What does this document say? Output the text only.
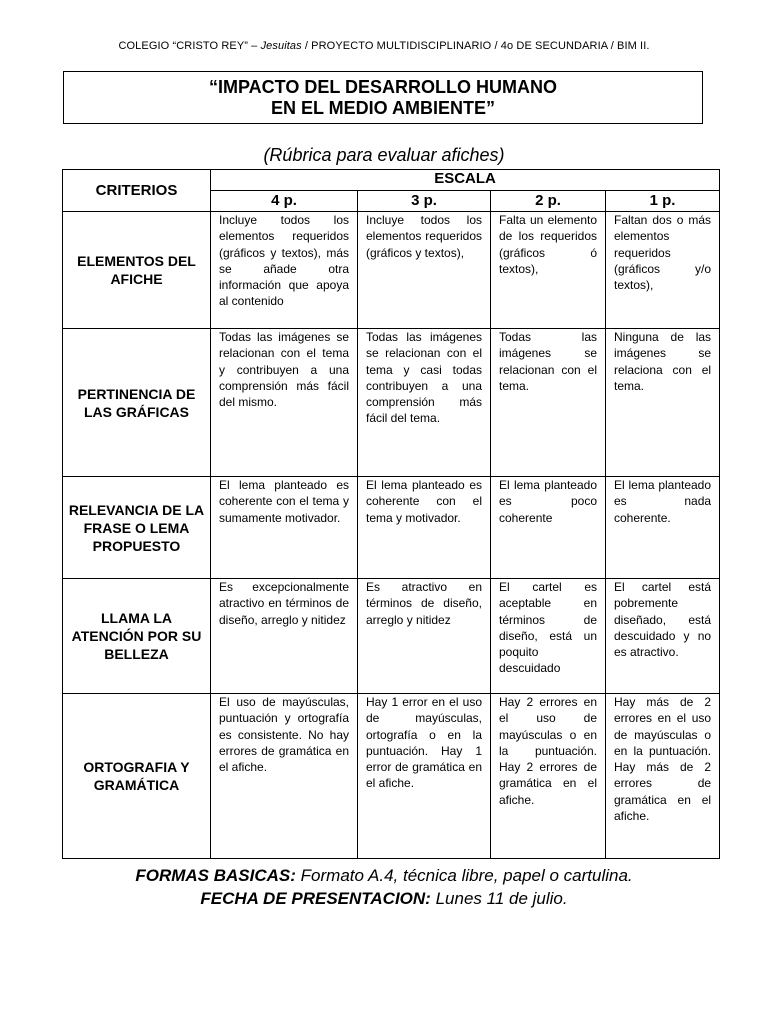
COLEGIO “CRISTO REY” – Jesuitas / PROYECTO MULTIDISCIPLINARIO / 4o DE SECUNDARIA / BIM II.
“IMPACTO DEL DESARROLLO HUMANO
EN EL MEDIO AMBIENTE”
(Rúbrica para evaluar afiches)
CRITERIOS	ESCALA			
	4 p.	3 p.	2 p.	1 p.
ELEMENTOS DEL AFICHE	Incluye todos los elementos requeridos (gráficos y textos), más se añade otra información que apoya al contenido	Incluye todos los elementos requeridos (gráficos y textos),	Falta un elemento de los requeridos (gráficos ó textos),	Faltan dos o más elementos requeridos (gráficos y/o textos),
PERTINENCIA DE LAS GRÁFICAS	Todas las imágenes se relacionan con el tema y contribuyen a una comprensión más fácil del mismo.	Todas las imágenes se relacionan con el tema y casi todas contribuyen a una comprensión más fácil del tema.	Todas las imágenes se relacionan con el tema.	Ninguna de las imágenes se relaciona con el tema.
RELEVANCIA DE LA FRASE O LEMA PROPUESTO	El lema planteado es coherente con el tema y sumamente motivador.	El lema planteado es coherente con el tema y motivador.	El lema planteado es poco coherente	El lema planteado es nada coherente.
LLAMA LA ATENCIÓN POR SU BELLEZA	Es excepcionalmente atractivo en términos de diseño, arreglo y nitidez	Es atractivo en términos de diseño, arreglo y nitidez	El cartel es aceptable en términos de diseño, está un poquito descuidado	El cartel está pobremente diseñado, está descuidado y no es atractivo.
ORTOGRAFIA Y GRAMÁTICA	El uso de mayúsculas, puntuación y ortografía es consistente. No hay errores de gramática en el afiche.	Hay 1 error en el uso de mayúsculas, ortografía o en la puntuación. Hay 1 error de gramática en el afiche.	Hay 2 errores en el uso de mayúsculas o en la puntuación. Hay 2 errores de gramática en el afiche.	Hay más de 2 errores en el uso de mayúsculas o en la puntuación. Hay más de 2 errores de gramática en el afiche.
FORMAS BASICAS: Formato A.4, técnica libre, papel o cartulina.
FECHA DE PRESENTACION: Lunes 11 de julio.
